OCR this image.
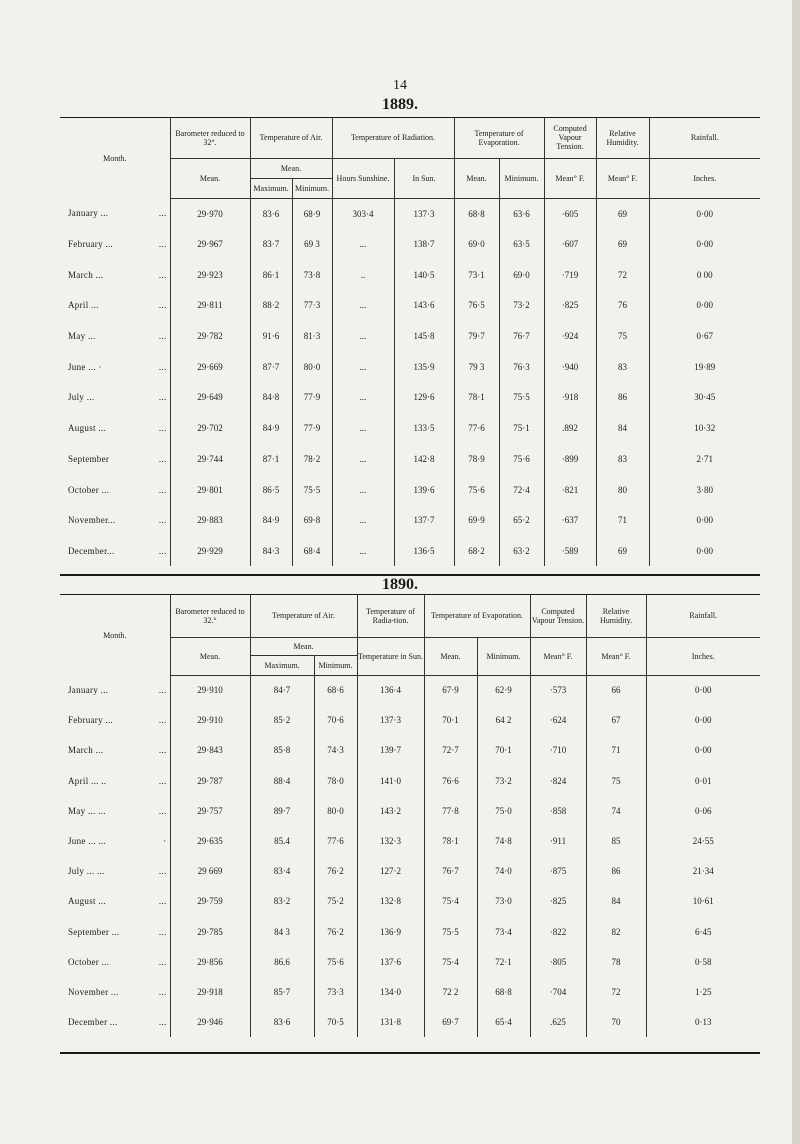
14
1889.
Month.	Barometer reduced to 32°.	Temperature of Air.		Temperature of Radiation.		Temperature of Evaporation.		Computed Vapour Tension.	Relative Humidity.	Rainfall.
	Mean.	Mean.		Hours Sunshine.	In Sun.	Mean.	Minimum.	Mean° F.	Mean° F.	Inches.
		Maximum.	Minimum.							
January ... ...	29·970	83·6	68·9	303·4	137·3	68·8	63·6	·605	69	0·00
February ... ...	29·967	83·7	69 3	...	138·7	69·0	63·5	·607	69	0·00
March ... ...	29·923	86·1	73·8	..	140·5	73·1	69·0	·719	72	0 00
April ... ...	29·811	88·2	77·3	...	143·6	76·5	73·2	·825	76	0·00
May ... ...	29·782	91·6	81·3	...	145·8	79·7	76·7	·924	75	0·67
June ... · ...	29·669	87·7	80·0	...	135·9	79 3	76·3	·940	83	19·89
July ... ...	29·649	84·8	77·9	...	129·6	78·1	75·5	·918	86	30·45
August ... ...	29·702	84·9	77·9	...	133·5	77·6	75·1	.892	84	10·32
September ...	29·744	87·1	78·2	...	142·8	78·9	75·6	·899	83	2·71
October ... ...	29·801	86·5	75·5	...	139·6	75·6	72·4	·821	80	3·80
November... ...	29·883	84·9	69·8	...	137·7	69·9	65·2	·637	71	0·00
December... ...	29·929	84·3	68·4	...	136·5	68·2	63·2	·589	69	0·00
1890.
Month.	Barometer reduced to 32.°	Temperature of Air.		Temperature of Radia-tion.	Temperature of Evaporation.		Computed Vapour Tension.	Relative Humidity.	Rainfall.
	Mean.	Mean.		Temperature in Sun.	Mean.	Minimum.	Mean° F.	Mean° F.	Inches.
		Maximum.	Minimum.						
January ... ...	29·910	84·7	68·6	136·4	67·9	62·9	·573	66	0·00
February ... ...	29·910	85·2	70·6	137·3	70·1	64 2	·624	67	0·00
March ... ...	29·843	85·8	74·3	139·7	72·7	70·1	·710	71	0·00
April ... .. ...	29·787	88·4	78·0	141·0	76·6	73·2	·824	75	0·01
May ... ... ...	29·757	89·7	80·0	143·2	77·8	75·0	·858	74	0·06
June ... ... ·	29·635	85.4	77·6	132·3	78·1	74·8	·911	85	24·55
July ... ... ...	29 669	83·4	76·2	127·2	76·7	74·0	·875	86	21·34
August ... ...	29·759	83·2	75·2	132·8	75·4	73·0	·825	84	10·61
September ... ...	29·785	84 3	76·2	136·9	75·5	73·4	·822	82	6·45
October ... ...	29·856	86.6	75·6	137·6	75·4	72·1	·805	78	0·58
November ... ...	29·918	85·7	73·3	134·0	72 2	68·8	·704	72	1·25
December ... ...	29·946	83·6	70·5	131·8	69·7	65·4	.625	70	0·13
